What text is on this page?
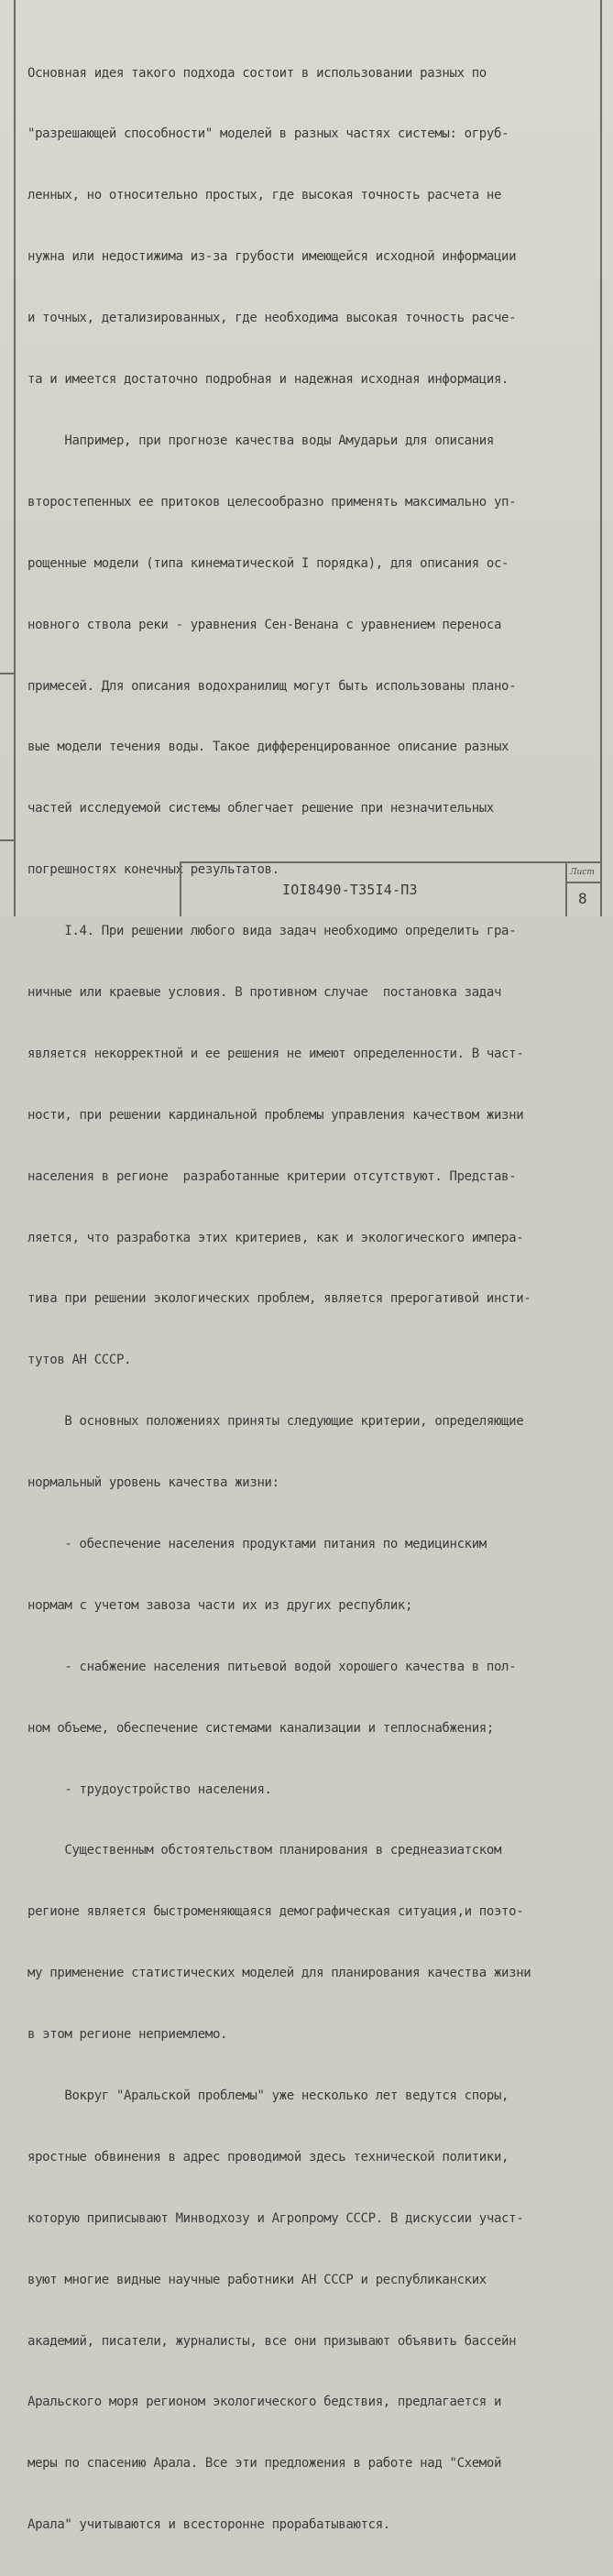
Основная идея такого подхода состоит в использовании разных по

"разрешающей способности" моделей в разных частях системы: огруб-

ленных, но относительно простых, где высокая точность расчета не

нужна или недостижима из-за грубости имеющейся исходной информации

и точных, детализированных, где необходима высокая точность расче-

та и имеется достаточно подробная и надежная исходная информация.

Например, при прогнозе качества воды Амударьи для описания

второстепенных ее притоков целесообразно применять максимально уп-

рощенные модели (типа кинематической I порядка), для описания ос-

новного ствола реки - уравнения Сен-Венана с уравнением переноса

примесей. Для описания водохранилищ могут быть использованы плано-

вые модели течения воды. Такое дифференцированное описание разных

частей исследуемой системы облегчает решение при незначительных

погрешностях конечных результатов.

I.4. При решении любого вида задач необходимо определить гра-

ничные или краевые условия. В противном случае  постановка задач

является некорректной и ее решения не имеют определенности. В част-

ности, при решении кардинальной проблемы управления качеством жизни

населения в регионе  разработанные критерии отсутствуют. Представ-

ляется, что разработка этих критериев, как и экологического импера-

тива при решении экологических проблем, является прерогативой инсти-

тутов АН СССР.

В основных положениях приняты следующие критерии, определяющие

нормальный уровень качества жизни:

- обеспечение населения продуктами питания по медицинским

нормам с учетом завоза части их из других республик;

- снабжение населения питьевой водой хорошего качества в пол-

ном объеме, обеспечение системами канализации и теплоснабжения;

- трудоустройство населения.

Существенным обстоятельством планирования в среднеазиатском

регионе является быстроменяющаяся демографическая ситуация,и поэто-

му применение статистических моделей для планирования качества жизни

в этом регионе неприемлемо.

Вокруг "Аральской проблемы" уже несколько лет ведутся споры,

яростные обвинения в адрес проводимой здесь технической политики,

которую приписывают Минводхозу и Агропрому СССР. В дискуссии участ-

вуют многие видные научные работники АН СССР и республиканских

академий, писатели, журналисты, все они призывают объявить бассейн

Аральского моря регионом экологического бедствия, предлагается и

меры по спасению Арала. Все эти предложения в работе над "Схемой

Арала" учитываются и всесторонне прорабатываются.

IOI8490-ТЗ5I4-ПЗ
Лист
8
